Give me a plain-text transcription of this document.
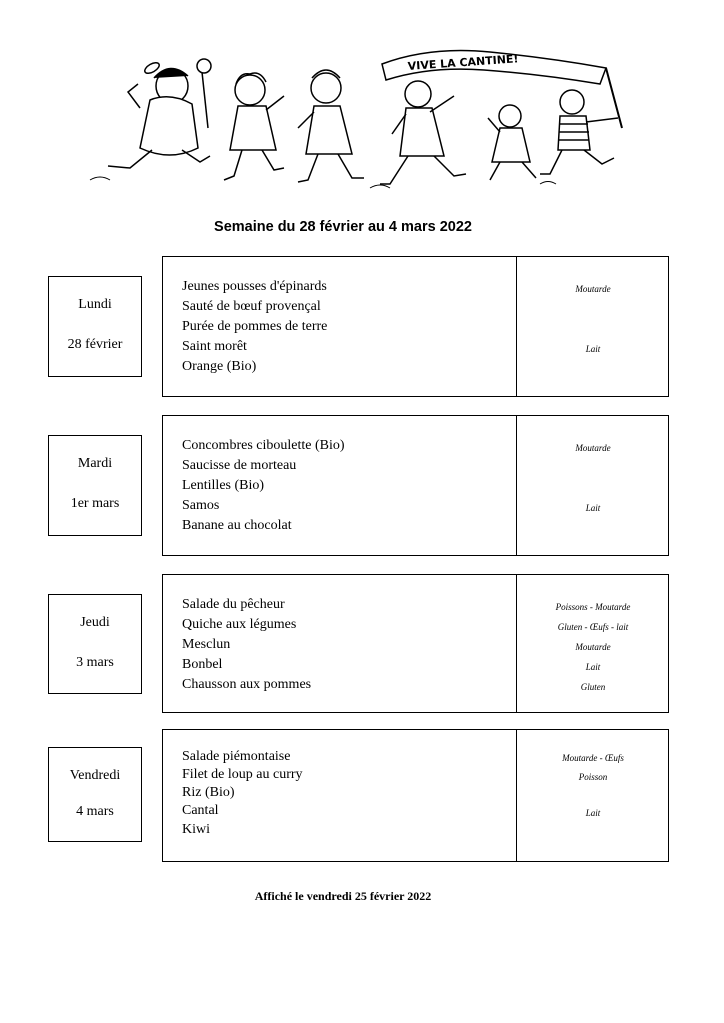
VIVE LA CANTINE!
Semaine du 28 février au 4 mars 2022
Lundi
28 février
Jeunes pousses d'épinards
Sauté de bœuf provençal
Purée de pommes de terre
Saint morêt
Orange (Bio)
Moutarde
Lait
Mardi
1er mars
Concombres ciboulette (Bio)
Saucisse de morteau
Lentilles (Bio)
Samos
Banane au chocolat
Moutarde
Lait
Jeudi
3 mars
Salade du pêcheur
Quiche aux légumes
Mesclun
Bonbel
Chausson aux pommes
Poissons - Moutarde
Gluten - Œufs - lait
Moutarde
Lait
Gluten
Vendredi
4 mars
Salade piémontaise
Filet de loup au curry
Riz (Bio)
Cantal
Kiwi
Moutarde - Œufs
Poisson
Lait
Affiché le vendredi 25 février 2022
